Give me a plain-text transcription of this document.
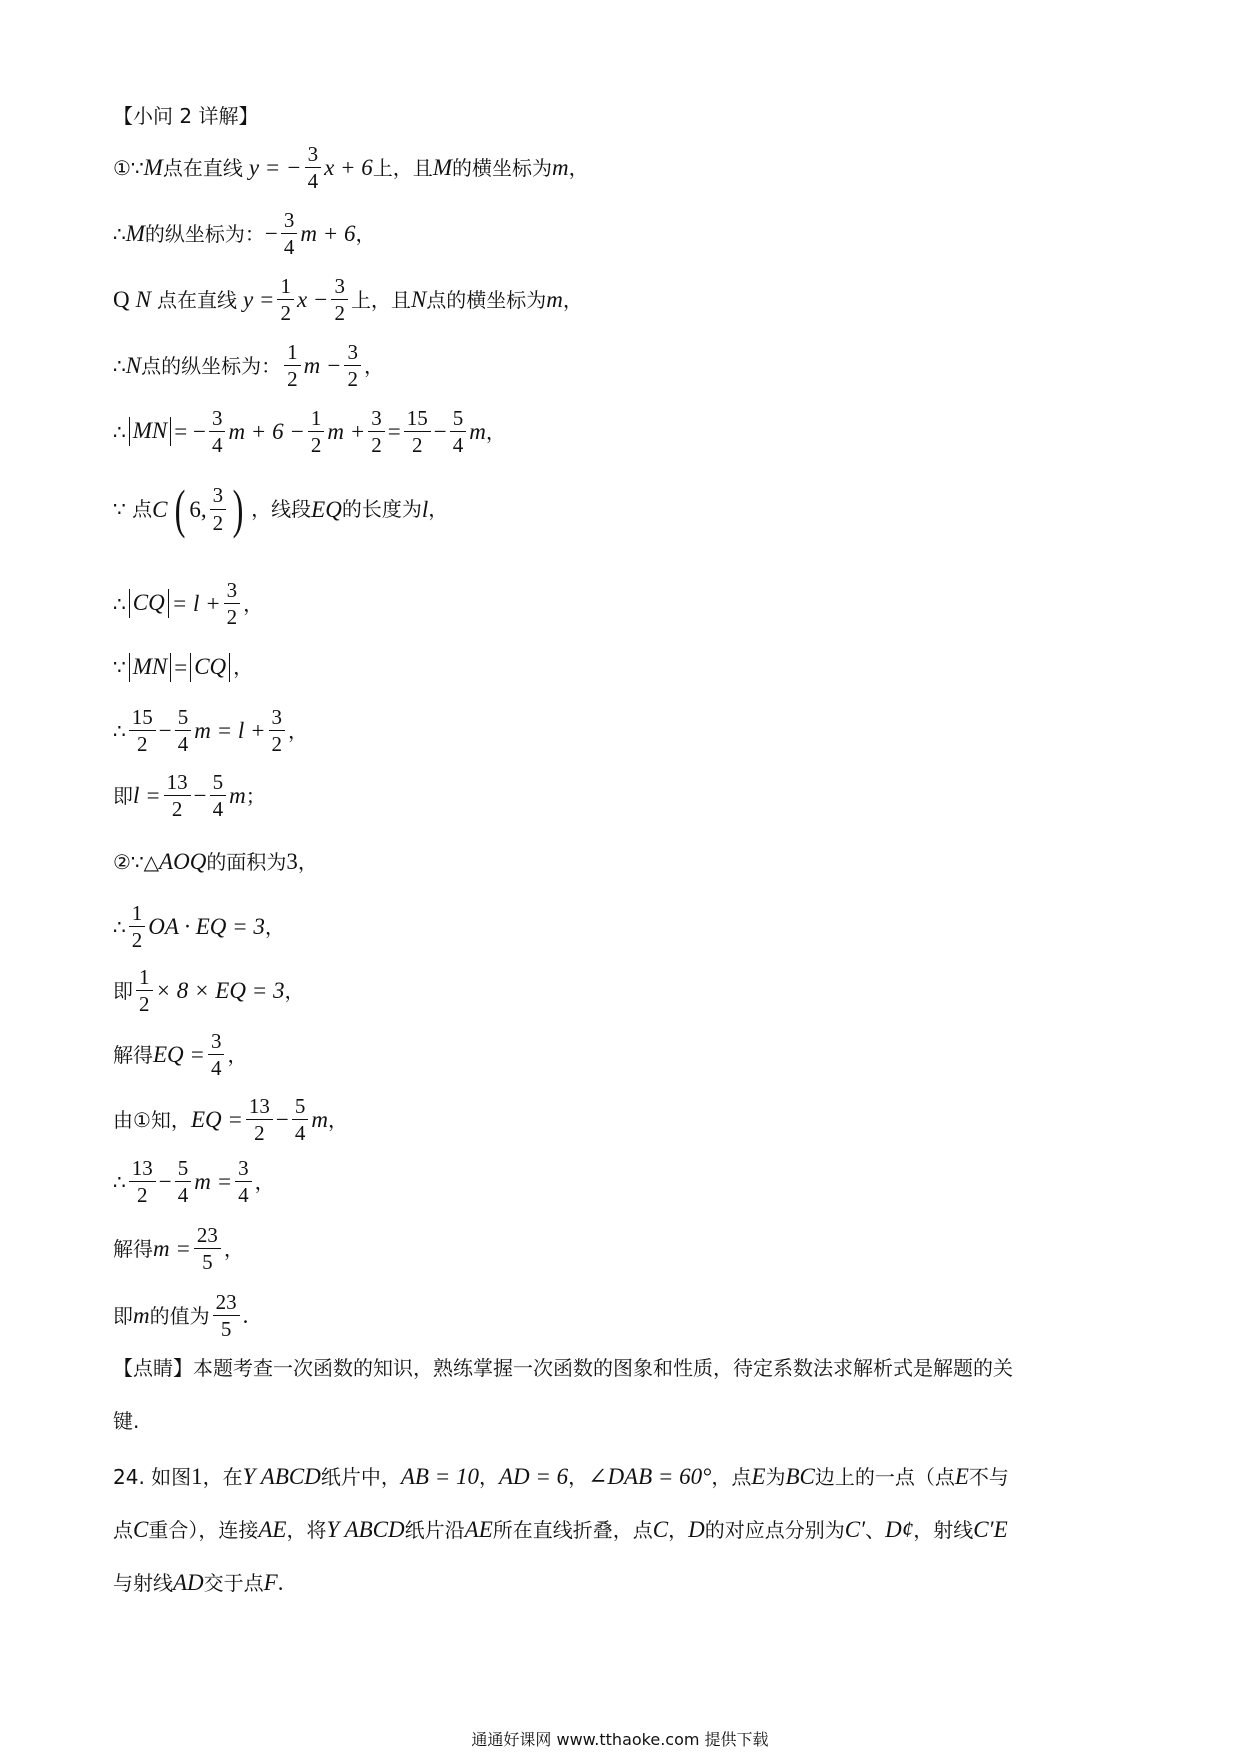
【小问 2 详解】
①∵ M 点在直线 y = − $\frac{3}{4}$ x + 6 上，且 M 的横坐标为 m ，
∴ M 的纵坐标为： − $\frac{3}{4}$ m + 6 ，
Q N 点在直线 $y = \frac{1}{2}$ $x - \frac{3}{2}$ 上，且 N 点的横坐标为 m ，
∴ N 点的纵坐标为： $\frac{1}{2}$ $m - \frac{3}{2}$ ，
∴ MN = − $\frac{3}{4}$ $m + 6 - \frac{1}{2}$ $m + \frac{3}{2} = \frac{15}{2} - \frac{5}{4}$ m ，
∵ 点 C ( 6, $\frac{3}{2}$ ) ，线段 EQ 的长度为 l ，
∴ CQ = $l + \frac{3}{2}$ ，
∵ MN = CQ ，
∴ $\frac{15}{2} - \frac{5}{4}$ $m = l + \frac{3}{2}$ ，
即 $l = \frac{13}{2} - \frac{5}{4}$ m ；
②∵△ AOQ 的面积为 3 ，
∴ $\frac{1}{2}$ OA · EQ = 3 ，
即 $\frac{1}{2} \times 8$ × EQ = 3 ，
解得 EQ = $\frac{3}{4}$ ，
由①知， EQ = $\frac{13}{2} - \frac{5}{4}$ m ，
∴ $\frac{13}{2} - \frac{5}{4}$ $m = \frac{3}{4}$ ，
解得 $m = \frac{23}{5}$ ，
即 m 的值为 $\frac{23}{5}$ .
【点睛】 本题考查一次函数的知识，熟练掌握一次函数的图象和性质，待定系数法求解析式是解题的关
键.
24. 如图 1 ，在 Y ABCD 纸片中， AB = 10 ， AD = 6 ， ∠DAB = 60° ，点 E 为 BC 边上的一点（点 E 不与
点 C 重合），连接 AE ，将 Y ABCD 纸片沿 AE 所在直线折叠，点 C ， D 的对应点分别为 C′ 、 D¢ ，射线 C′E
与射线 AD 交于点 F .
通通好课网 www.tthaoke.com 提供下载
